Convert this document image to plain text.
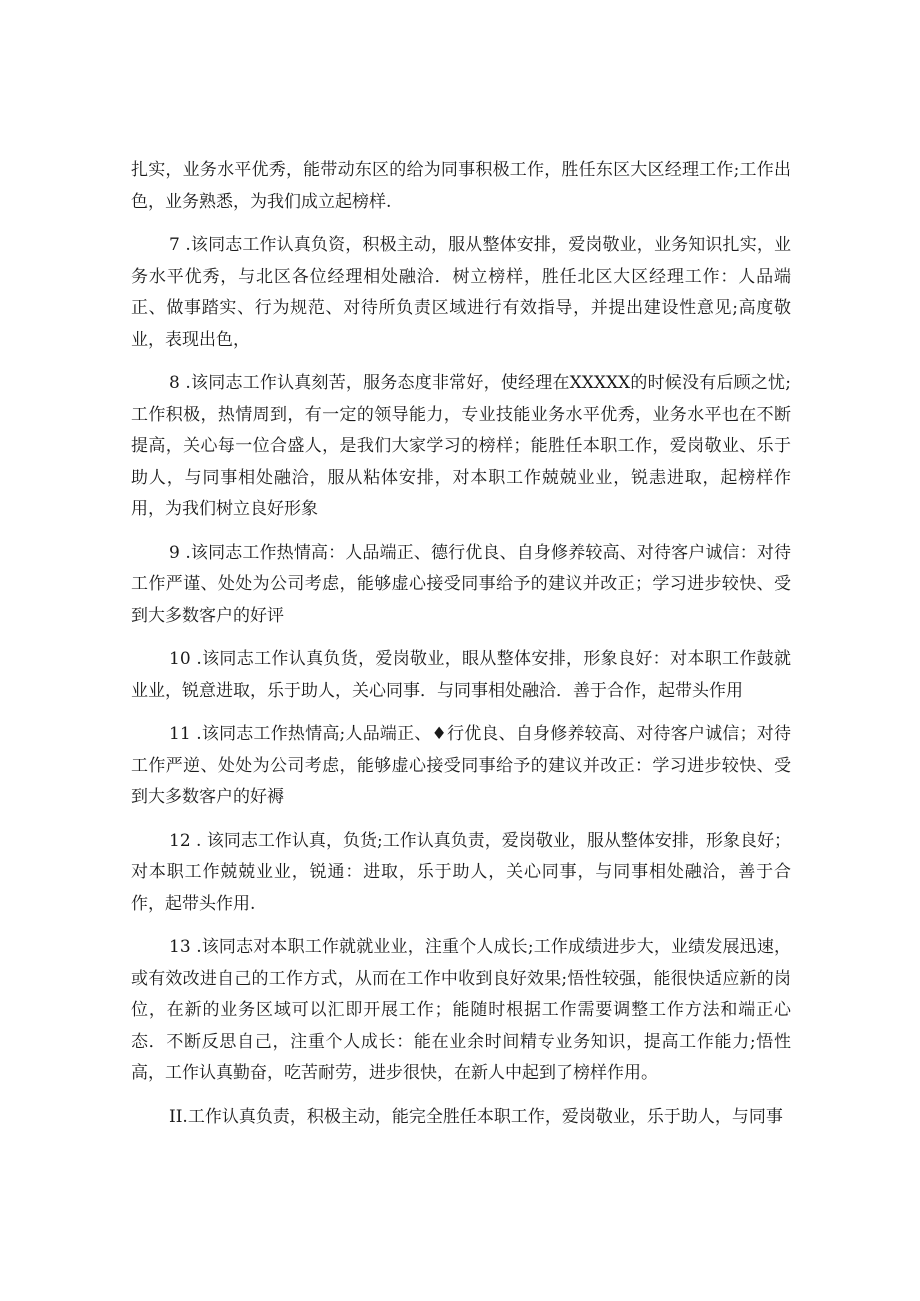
扎实，业务水平优秀，能带动东区的给为同事积极工作，胜任东区大区经理工作;工作出色，业务熟悉，为我们成立起榜样.

7 .该同志工作认真负资，积极主动，服从整体安排，爱岗敬业，业务知识扎实，业务水平优秀，与北区各位经理相处融洽．树立榜样，胜任北区大区经理工作：人品端正、做事踏实、行为规范、对待所负责区域进行有效指导，并提出建设性意见;高度敬业，表现出色，

8 .该同志工作认真刻苦，服务态度非常好，使经理在XXXXX的时候没有后顾之忧;工作积极，热情周到，有一定的领导能力，专业技能业务水平优秀，业务水平也在不断提高，关心每一位合盛人，是我们大家学习的榜样；能胜任本职工作，爱岗敬业、乐于助人，与同事相处融洽，服从粘体安排，对本职工作兢兢业业，锐恚进取，起榜样作用，为我们树立良好形象

9 .该同志工作热情高：人品端正、德行优良、自身修养较高、对待客户诚信：对待工作严谨、处处为公司考虑，能够虚心接受同事给予的建议并改正；学习进步较快、受到大多数客户的好评

10 .该同志工作认真负货，爱岗敬业，眼从整体安排，形象良好：对本职工作鼓就业业，锐意进取，乐于助人，关心同事．与同事相处融洽．善于合作，起带头作用

11 .该同志工作热情高;人品端正、♦行优良、自身修养较高、对待客户诚信；对待工作严逆、处处为公司考虑，能够虚心接受同事给予的建议并改正：学习进步较快、受到大多数客户的好褥

12 . 该同志工作认真，负货;工作认真负责，爱岗敬业，服从整体安排，形象良好；对本职工作兢兢业业，锐通：进取，乐于助人，关心同事，与同事相处融洽，善于合作，起带头作用.

13 .该同志对本职工作就就业业，注重个人成长;工作成绩进步大，业绩发展迅速，或有效改进自己的工作方式，从而在工作中收到良好效果;悟性较强，能很快适应新的岗位，在新的业务区域可以汇即开展工作；能随时根据工作需要调整工作方法和端正心态．不断反思自己，注重个人成长：能在业余时间精专业务知识，提高工作能力;悟性高，工作认真勤奋，吃苦耐劳，进步很快，在新人中起到了榜样作用。

II.工作认真负责，积极主动，能完全胜任本职工作，爱岗敬业，乐于助人，与同事
